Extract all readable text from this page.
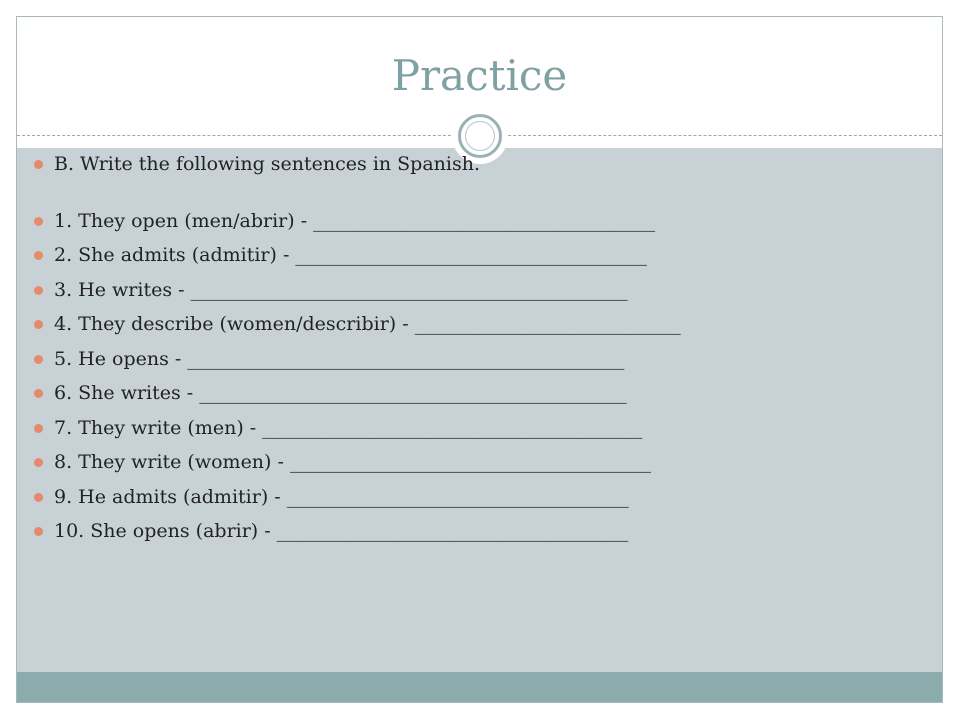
Practice
B. Write the following sentences in Spanish.
1. They open (men/abrir) - ____________________________________
2. She admits (admitir) - _____________________________________
3. He writes - ______________________________________________
4. They describe (women/describir) - ____________________________
5. He opens - ______________________________________________
6. She writes - _____________________________________________
7. They write (men) - ________________________________________
8. They write (women) - ______________________________________
9. He admits (admitir) - ____________________________________
10. She opens (abrir) - _____________________________________
